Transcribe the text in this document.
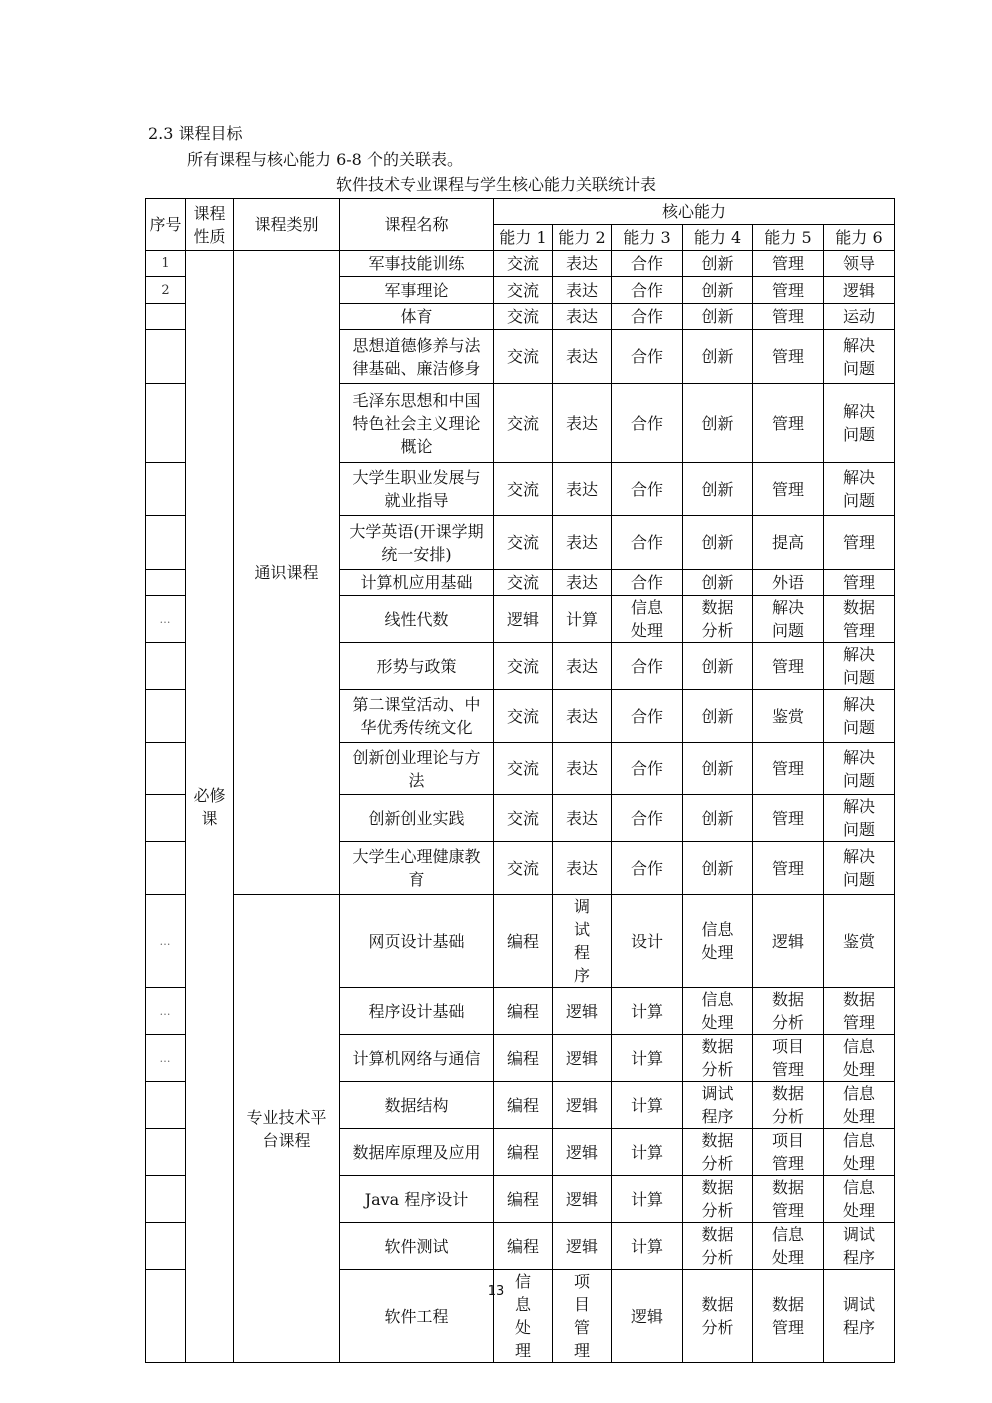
2.3 课程目标
所有课程与核心能力 6-8 个的关联表。
软件技术专业课程与学生核心能力关联统计表
序号	课程性质	课程类别	课程名称	核心能力					
				能力 1	能力 2	能力 3	能力 4	能力 5	能力 6
1	必修课	通识课程	军事技能训练	交流	表达	合作	创新	管理	领导
2			军事理论	交流	表达	合作	创新	管理	逻辑
			体育	交流	表达	合作	创新	管理	运动
			思想道德修养与法律基础、廉洁修身	交流	表达	合作	创新	管理	解决问题
			毛泽东思想和中国特色社会主义理论概论	交流	表达	合作	创新	管理	解决问题
			大学生职业发展与就业指导	交流	表达	合作	创新	管理	解决问题
			大学英语(开课学期统一安排)	交流	表达	合作	创新	提高	管理
			计算机应用基础	交流	表达	合作	创新	外语	管理
…			线性代数	逻辑	计算	信息处理	数据分析	解决问题	数据管理
			形势与政策	交流	表达	合作	创新	管理	解决问题
			第二课堂活动、中华优秀传统文化	交流	表达	合作	创新	鉴赏	解决问题
			创新创业理论与方法	交流	表达	合作	创新	管理	解决问题
			创新创业实践	交流	表达	合作	创新	管理	解决问题
			大学生心理健康教育	交流	表达	合作	创新	管理	解决问题
…		专业技术平台课程	网页设计基础	编程	调试程序	设计	信息处理	逻辑	鉴赏
…			程序设计基础	编程	逻辑	计算	信息处理	数据分析	数据管理
…			计算机网络与通信	编程	逻辑	计算	数据分析	项目管理	信息处理
			数据结构	编程	逻辑	计算	调试程序	数据分析	信息处理
			数据库原理及应用	编程	逻辑	计算	数据分析	项目管理	信息处理
			Java 程序设计	编程	逻辑	计算	数据分析	数据管理	信息处理
			软件测试	编程	逻辑	计算	数据分析	信息处理	调试程序
			软件工程	信息处理	项目管理	逻辑	数据分析	数据管理	调试程序
13
